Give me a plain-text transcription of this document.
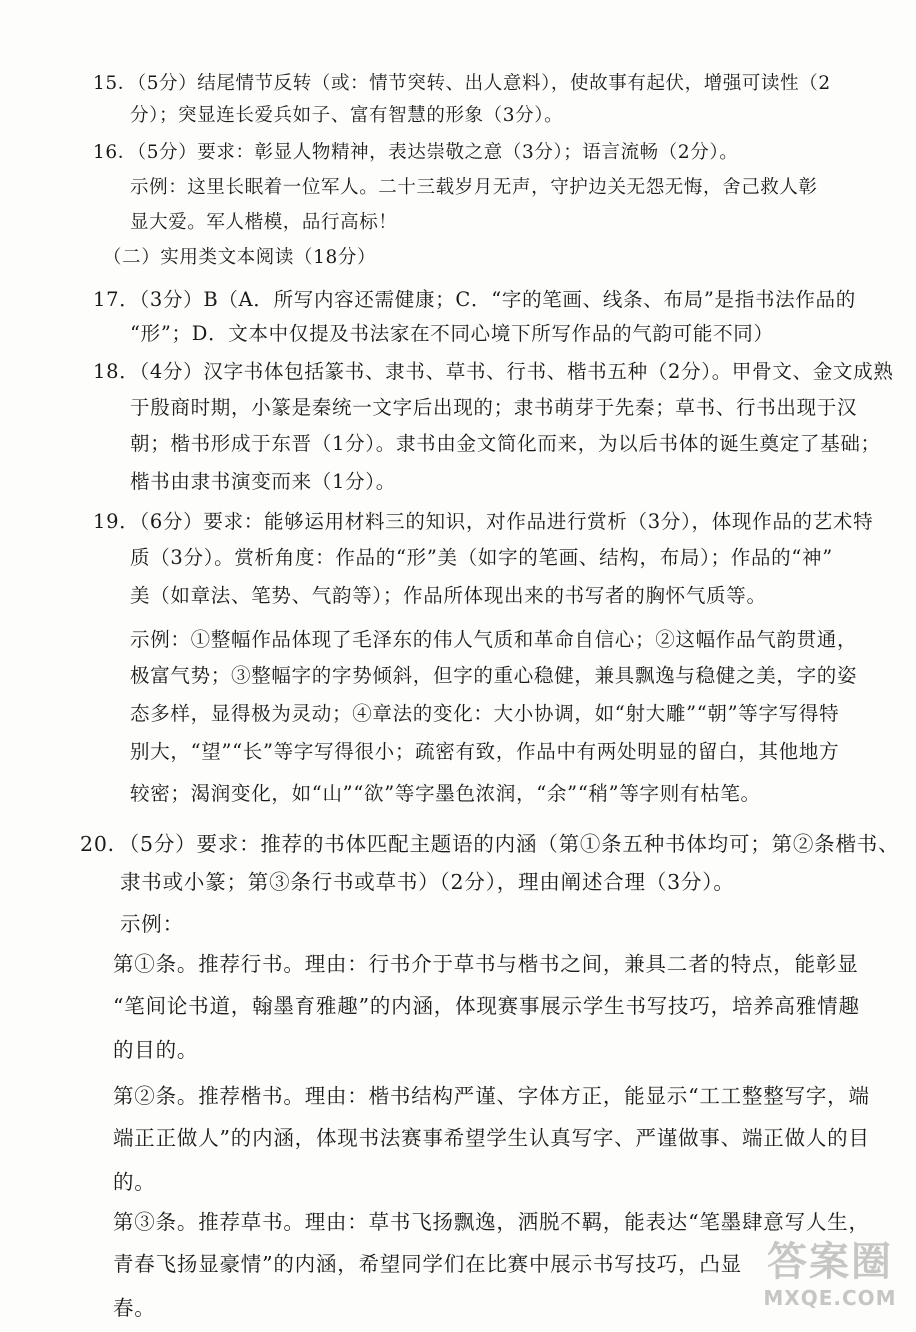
15．（5分）结尾情节反转（或：情节突转、出人意料），使故事有起伏，增强可读性（2
分）；突显连长爱兵如子、富有智慧的形象（3分）。
16．（5分）要求：彰显人物精神，表达崇敬之意（3分）；语言流畅（2分）。
示例：这里长眠着一位军人。二十三载岁月无声，守护边关无怨无悔，舍己救人彰
显大爱。军人楷模，品行高标！
（二）实用类文本阅读（18分）
17．（3分）B（A．所写内容还需健康；C．“字的笔画、线条、布局”是指书法作品的
“形”；D．文本中仅提及书法家在不同心境下所写作品的气韵可能不同）
18．（4分）汉字书体包括篆书、隶书、草书、行书、楷书五种（2分）。甲骨文、金文成熟
于殷商时期，小篆是秦统一文字后出现的；隶书萌芽于先秦；草书、行书出现于汉
朝；楷书形成于东晋（1分）。隶书由金文简化而来，为以后书体的诞生奠定了基础；
楷书由隶书演变而来（1分）。
19．（6分）要求：能够运用材料三的知识，对作品进行赏析（3分），体现作品的艺术特
质（3分）。赏析角度：作品的“形”美（如字的笔画、结构，布局）；作品的“神”
美（如章法、笔势、气韵等）；作品所体现出来的书写者的胸怀气质等。
示例：①整幅作品体现了毛泽东的伟人气质和革命自信心；②这幅作品气韵贯通，
极富气势；③整幅字的字势倾斜，但字的重心稳健，兼具飘逸与稳健之美，字的姿
态多样，显得极为灵动；④章法的变化：大小协调，如“射大雕”“朝”等字写得特
别大，“望”“长”等字写得很小；疏密有致，作品中有两处明显的留白，其他地方
较密；渴润变化，如“山”“欲”等字墨色浓润，“余”“稍”等字则有枯笔。
20．（5分）要求：推荐的书体匹配主题语的内涵（第①条五种书体均可；第②条楷书、
隶书或小篆；第③条行书或草书）（2分），理由阐述合理（3分）。
示例：
第①条。推荐行书。理由：行书介于草书与楷书之间，兼具二者的特点，能彰显
“笔间论书道，翰墨育雅趣”的内涵，体现赛事展示学生书写技巧，培养高雅情趣
的目的。
第②条。推荐楷书。理由：楷书结构严谨、字体方正，能显示“工工整整写字，端
端正正做人”的内涵，体现书法赛事希望学生认真写字、严谨做事、端正做人的目
的。
第③条。推荐草书。理由：草书飞扬飘逸，洒脱不羁，能表达“笔墨肆意写人生，
青春飞扬显豪情”的内涵，希望同学们在比赛中展示书写技巧，凸显
春。
答案圈
MXQE.COM
